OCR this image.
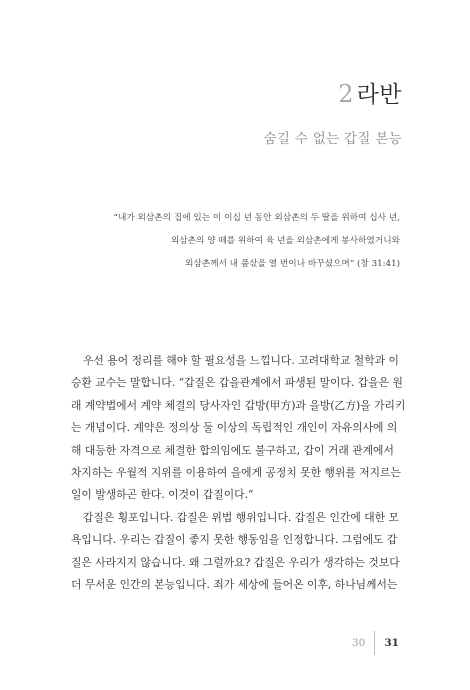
2 라반
숨길 수 없는 갑질 본능
“내가 외삼촌의 집에 있는 이 이십 년 동안 외삼촌의 두 딸을 위하여 십사 년,
외삼촌의 양 떼를 위하여 육 년을 외삼촌에게 봉사하였거니와
외삼촌께서 내 품삯을 열 번이나 바꾸셨으며” (창 31:41)
우선 용어 정리를 해야 할 필요성을 느낍니다. 고려대학교 철학과 이
승환 교수는 말합니다. “갑질은 갑을관계에서 파생된 말이다. 갑을은 원
래 계약법에서 계약 체결의 당사자인 갑방(甲方)과 을방(乙方)을 가리키
는 개념이다. 계약은 정의상 둘 이상의 독립적인 개인이 자유의사에 의
해 대등한 자격으로 체결한 합의임에도 불구하고, 갑이 거래 관계에서
차지하는 우월적 지위를 이용하여 을에게 공정치 못한 행위를 저지르는
일이 발생하곤 한다. 이것이 갑질이다.”
갑질은 횡포입니다. 갑질은 위법 행위입니다. 갑질은 인간에 대한 모
욕입니다. 우리는 갑질이 좋지 못한 행동임을 인정합니다. 그럼에도 갑
질은 사라지지 않습니다. 왜 그럴까요? 갑질은 우리가 생각하는 것보다
더 무서운 인간의 본능입니다. 죄가 세상에 들어온 이후, 하나님께서는
30 31
